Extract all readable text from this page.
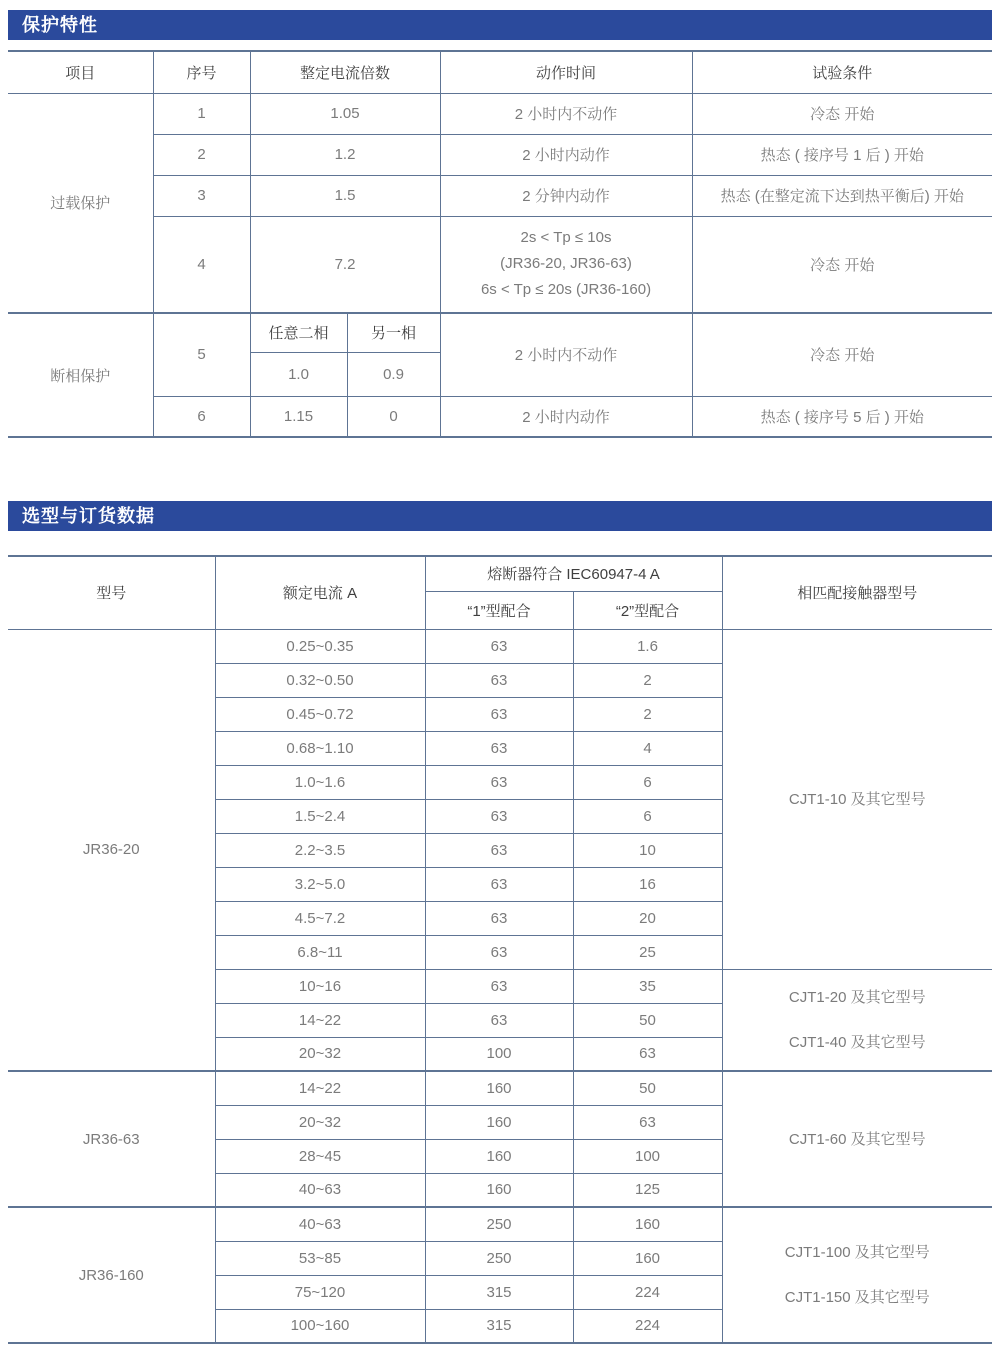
保护特性
项目	序号	整定电流倍数		动作时间	试验条件
过载保护	1	1.05		2 小时内不动作	冷态 开始
	2	1.2		2 小时内动作	热态 ( 接序号 1 后 ) 开始
	3	1.5		2 分钟内动作	热态 (在整定流下达到热平衡后) 开始
	4	7.2		2s < Tp ≤ 10s
(JR36-20, JR36-63)
6s < Tp ≤ 20s (JR36-160)	冷态 开始
断相保护	5	任意二相	另一相	2 小时内不动作	冷态 开始
		1.0	0.9		
	6	1.15	0	2 小时内动作	热态 ( 接序号 5 后 ) 开始
选型与订货数据
型号	额定电流 A	熔断器符合 IEC60947-4 A		相匹配接触器型号
		“1”型配合	“2”型配合	
JR36-20	0.25~0.35	63	1.6	CJT1-10 及其它型号

	0.32~0.50	63	2	
	0.45~0.72	63	2	
	0.68~1.10	63	4	
	1.0~1.6	63	6	
	1.5~2.4	63	6	
	2.2~3.5	63	10	
	3.2~5.0	63	16	
	4.5~7.2	63	20	
	6.8~11	63	25	
	10~16	63	35	CJT1-20 及其它型号
CJT1-40 及其它型号

	14~22	63	50	
	20~32	100	63	
JR36-63	14~22	160	50	CJT1-60 及其它型号

	20~32	160	63	
	28~45	160	100	
	40~63	160	125	
JR36-160	40~63	250	160	CJT1-100 及其它型号
CJT1-150 及其它型号

	53~85	250	160	
	75~120	315	224	
	100~160	315	224	
